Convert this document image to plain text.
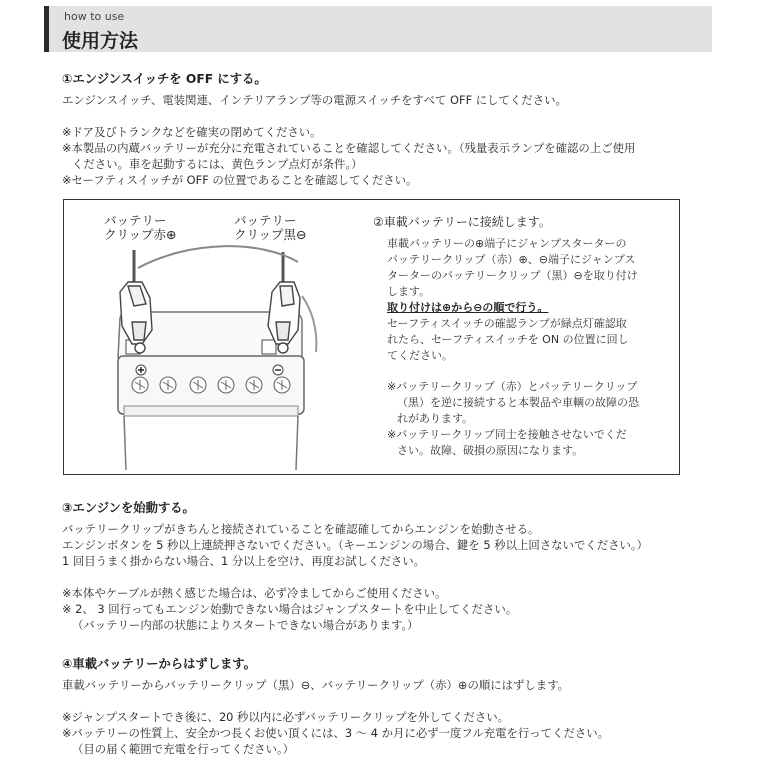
how to use
使用方法
①エンジンスイッチを OFF にする。
エンジンスイッチ、電装関連、インテリアランプ等の電源スイッチをすべて OFF にしてください。
※ドア及びトランクなどを確実の閉めてください。
※本製品の内蔵バッテリーが充分に充電されていることを確認してください。（残量表示ランプを確認の上ご使用
ください。車を起動するには、黄色ランプ点灯が条件。）
※セーフティスイッチが OFF の位置であることを確認してください。
バッテリー
クリップ赤⊕
バッテリー
クリップ黒⊖
②車載バッテリーに接続します。
車載バッテリーの⊕端子にジャンプスターターの
バッテリークリップ（赤）⊕、⊖端子にジャンプス
ターターのバッテリークリップ（黒）⊖を取り付け
します。
取り付けは⊕から⊖の順で行う。
セーフティスイッチの確認ランプが緑点灯確認取
れたら、セーフティスイッチを ON の位置に回し
てください。
※バッテリークリップ（赤）とバッテリークリップ
（黒）を逆に接続すると本製品や車輌の故障の恐
れがあります。
※バッテリークリップ同士を接触させないでくだ
さい。故障、破損の原因になります。
③エンジンを始動する。
バッテリークリップがきちんと接続されていることを確認確してからエンジンを始動させる。
エンジンボタンを 5 秒以上連続押さないでください。（キーエンジンの場合、鍵を 5 秒以上回さないでください。）
1 回目うまく掛からない場合、1 分以上を空け、再度お試しください。
※本体やケーブルが熱く感じた場合は、必ず冷ましてからご使用ください。
※ 2、 3 回行ってもエンジン始動できない場合はジャンプスタートを中止してください。
（バッテリー内部の状態によりスタートできない場合があります。）
④車載バッテリーからはずします。
車載バッテリーからバッテリークリップ（黒）⊖、バッテリークリップ（赤）⊕の順にはずします。
※ジャンプスタートでき後に、20 秒以内に必ずバッテリークリップを外してください。
※バッテリーの性質上、安全かつ長くお使い頂くには、3 ～ 4 か月に必ず一度フル充電を行ってください。
（目の届く範囲で充電を行ってください。）
